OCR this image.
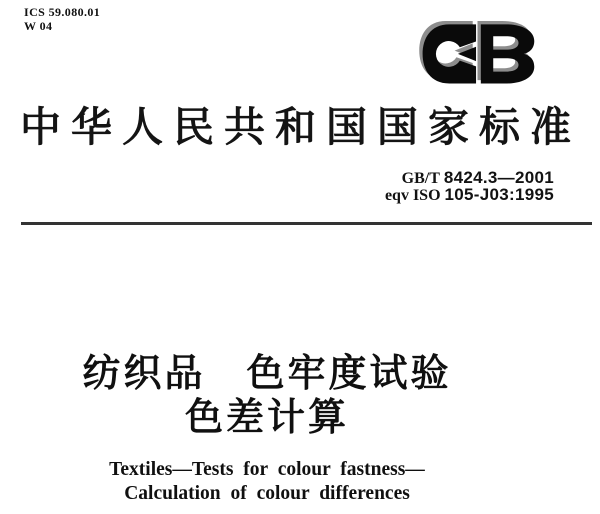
ICS 59.080.01
W 04
中华人民共和国国家标准
GB/T 8424.3—2001
eqv ISO 105-J03:1995
纺织品　色牢度试验
色差计算
Textiles—Tests for colour fastness—
Calculation of colour differences
